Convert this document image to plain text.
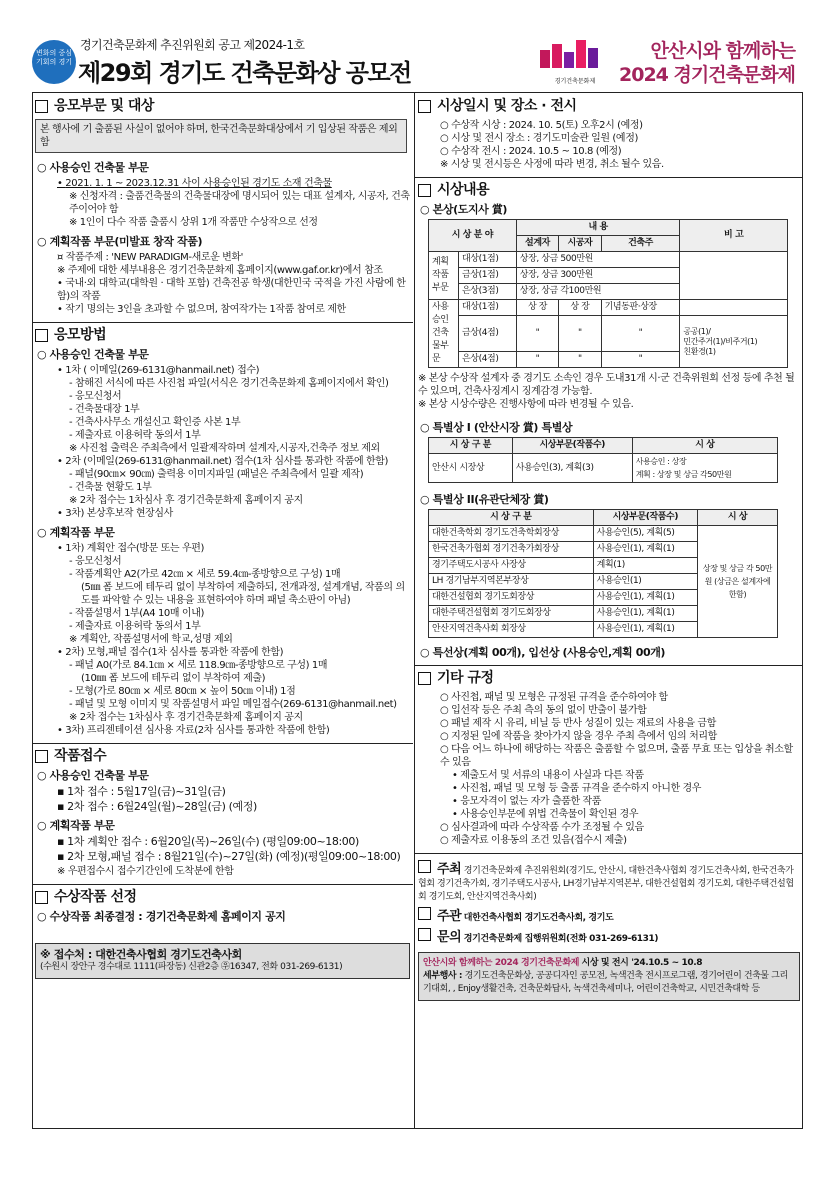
변화의 중심 기회의 경기
경기건축문화제 추진위원회 공고 제2024-1호
제29회 경기도 건축문화상 공모전	경기건축문화제
안산시와 함께하는
2024 경기건축문화제
응모부문 및 대상
본 행사에 기 출품된 사실이 없어야 하며, 한국건축문화대상에서 기 입상된 작품은 제외함
○ 사용승인 건축물 부문

• 2021. 1. 1 ~ 2023.12.31 사이 사용승인된 경기도 소재 건축물

※ 신청자격 : 출품건축물의 건축물대장에 명시되어 있는 대표 설계자, 시공자, 건축주이어야 함

※ 1인이 다수 작품 출품시 상위 1개 작품만 수상작으로 선정

○ 계획작품 부문(미발표 창작 작품)

¤ 작품주제 : 'NEW PARADIGM-새로운 변화'

※ 주제에 대한 세부내용은 경기건축문화제 홈페이지(www.gaf.or.kr)에서 참조

• 국내·외 대학교(대학원 · 대학 포함) 건축전공 학생(대한민국 국적을 가진 사람에 한함)의 작품

• 작기 명의는 3인을 초과할 수 없으며, 참여작가는 1작품 참여로 제한

응모방법
○ 사용승인 건축물 부문

• 1차 ( 이메일(269-6131@hanmail.net) 접수)

- 참해진 서식에 따른 사진첩 파일(서식은 경기건축문화제 홈페이지에서 확인)

- 응모신청서

- 건축물대장 1부

- 건축사사무소 개설신고 확인증 사본 1부

- 제출자료 이용허락 동의서 1부

※ 사진첩 출력은 주최측에서 일괄제작하며 설계자,시공자,건축주 정보 제외

• 2차 (이메일(269-6131@hanmail.net) 접수(1차 심사를 통과한 작품에 한함)

- 패널(90㎝× 90㎝) 출력용 이미지파일 (패널은 주최측에서 일괄 제작)

- 건축물 현황도 1부

※ 2차 접수는 1차심사 후 경기건축문화제 홈페이지 공지

• 3차) 본상후보작 현장심사

○ 계획작품 부문

• 1차) 계획안 접수(방문 또는 우편)

- 응모신청서

- 작품계획안 A2(가로 42㎝ × 세로 59.4㎝-종방향으로 구성) 1매

(5㎜ 폼 보드에 테두리 없이 부착하여 제출하되, 전개과정, 설계개념, 작품의 의도를 파악할 수 있는 내용을 표현하여야 하며 패널 축소판이 아님)

- 작품설명서 1부(A4 10매 이내)

- 제출자료 이용허락 동의서 1부

※ 계획안, 작품설명서에 학교,성명 제외

• 2차) 모형,패널 접수(1차 심사를 통과한 작품에 한함)

- 패널 A0(가로 84.1㎝ × 세로 118.9㎝-종방향으로 구성) 1매

(10㎜ 폼 보드에 테두리 없이 부착하여 제출)

- 모형(가로 80㎝ × 세로 80㎝ × 높이 50㎝ 이내) 1점

- 패널 및 모형 이미지 및 작품설명서 파일 메일접수(269-6131@hanmail.net)

※ 2차 접수는 1차심사 후 경기건축문화제 홈페이지 공지

• 3차) 프리젠테이션 심사용 자료(2차 심사를 통과한 작품에 한함)

작품접수
○ 사용승인 건축물 부문

▪ 1차 접수 : 5월17일(금)~31일(금)

▪ 2차 접수 : 6월24일(월)~28일(금) (예정)

○ 계획작품 부문

▪ 1차 계획안 접수 : 6월20일(목)~26일(수) (평일09:00~18:00)

▪ 2차 모형,패널 접수 : 8월21일(수)~27일(화) (예정)(평일09:00~18:00)

※ 우편접수시 접수기간인에 도착분에 한함

수상작품 선정
○ 수상작품 최종결정 : 경기건축문화제 홈페이지 공지

※ 접수처 : 대한건축사협회 경기도건축사회

(수원시 장안구 경수대로 1111(파장동) 신관2층 ㉾16347, 전화 031-269-6131)

시상일시 및 장소 · 전시

○ 수상작 시상 : 2024. 10. 5(토) 오후2시 (예정)

○ 시상 및 전시 장소 : 경기도미술관 일원 (예정)

○ 수상작 전시 : 2024. 10.5 ~ 10.8 (예정)

※ 시상 및 전시등은 사정에 따라 변경, 취소 될수 있음.

시상내용
○ 본상(도지사 賞)
시 상 분 야		내 용			비 고
		설계자	시공자	건축주	
계획작품부문	대상(1점)	상장, 상금 500만원			
	금상(1점)	상장, 상금 300만원			
	은상(3점)	상장, 상금 각100만원			
사용승인건축물부문	대상(1점)	상 장	상 장	기념동판·상장	
	금상(4점)	"	"	"	공공(1)/
민간주거(1)/비주거(1)
친환경(1)

	은상(4점)	"	"	"	

※ 본상 수상작 설계자 중 경기도 소속인 경우 도내31개 시·군 건축위원회 선정 등에 추천 될 수 있으며, 건축사징계시 징계감경 가능함.

※ 본상 시상수량은 진행사항에 따라 변경될 수 있음.

○ 특별상 I (안산시장 賞) 특별상
시 상 구 분	시상부문(작품수)	시 상
안산시 시장상	사용승인(3), 계획(3)	사용승인 : 상장
계획 : 상장 및 상금 각50만원
○ 특별상 II(유관단체장 賞)
시 상 구 분	시상부문(작품수)	시 상
대한건축학회 경기도건축학회장상	사용승인(5), 계획(5)	상장 및 상금 각 50만원 (상금은 설계자에 한함)
한국건축가협회 경기건축가회장상	사용승인(1), 계획(1)	
경기주택도시공사 사장상	계획(1)	
LH 경기남부지역본부장상	사용승인(1)	
대한건설협회 경기도회장상	사용승인(1), 계획(1)	
대한주택건설협회 경기도회장상	사용승인(1), 계획(1)	
안산지역건축사회 회장상	사용승인(1), 계획(1)	
○ 특선상(계획 00개), 입선상 (사용승인,계획 00개)
기타 규정

○ 사진첩, 패널 및 모형은 규정된 규격을 준수하여야 함

○ 입선작 등은 주최 측의 동의 없이 반출이 불가함

○ 패널 제작 시 유리, 비닐 등 반사 성질이 있는 재료의 사용을 금함

○ 지정된 일에 작품을 찾아가지 않을 경우 주최 측에서 임의 처리함

○ 다음 어느 하나에 해당하는 작품은 출품할 수 없으며, 출품 무효 또는 입상을 취소할 수 있음

• 제출도서 및 서류의 내용이 사실과 다른 작품

• 사진첩, 패널 및 모형 등 출품 규격을 준수하지 아니한 경우

• 응모자격이 없는 자가 출품한 작품

• 사용승인부문에 위법 건축물이 확인된 경우

○ 심사결과에 따라 수상작품 수가 조정될 수 있음

○ 제출자료 이용동의 조건 있음(접수시 제출)

주최 경기건축문화제 추진위원회(경기도, 안산시, 대한건축사협회 경기도건축사회, 한국건축가협회 경기건축가회, 경기주택도시공사, LH경기남부지역본부, 대한건설협회 경기도회, 대한주택건설협회 경기도회, 안산지역건축사회)
주관 대한건축사협회 경기도건축사회, 경기도
문의 경기건축문화제 집행위원회(전화 031-269-6131)

안산시와 함께하는 2024 경기건축문화제 시상 및 전시 '24.10.5 ~ 10.8

세부행사 : 경기도건축문화상, 공공디자인 공모전, 녹색건축 전시프로그램, 경기어린이 건축물 그리기대회, , Enjoy생활건축, 건축문화답사, 녹색건축세미나, 어린이건축학교, 시민건축대학 등
